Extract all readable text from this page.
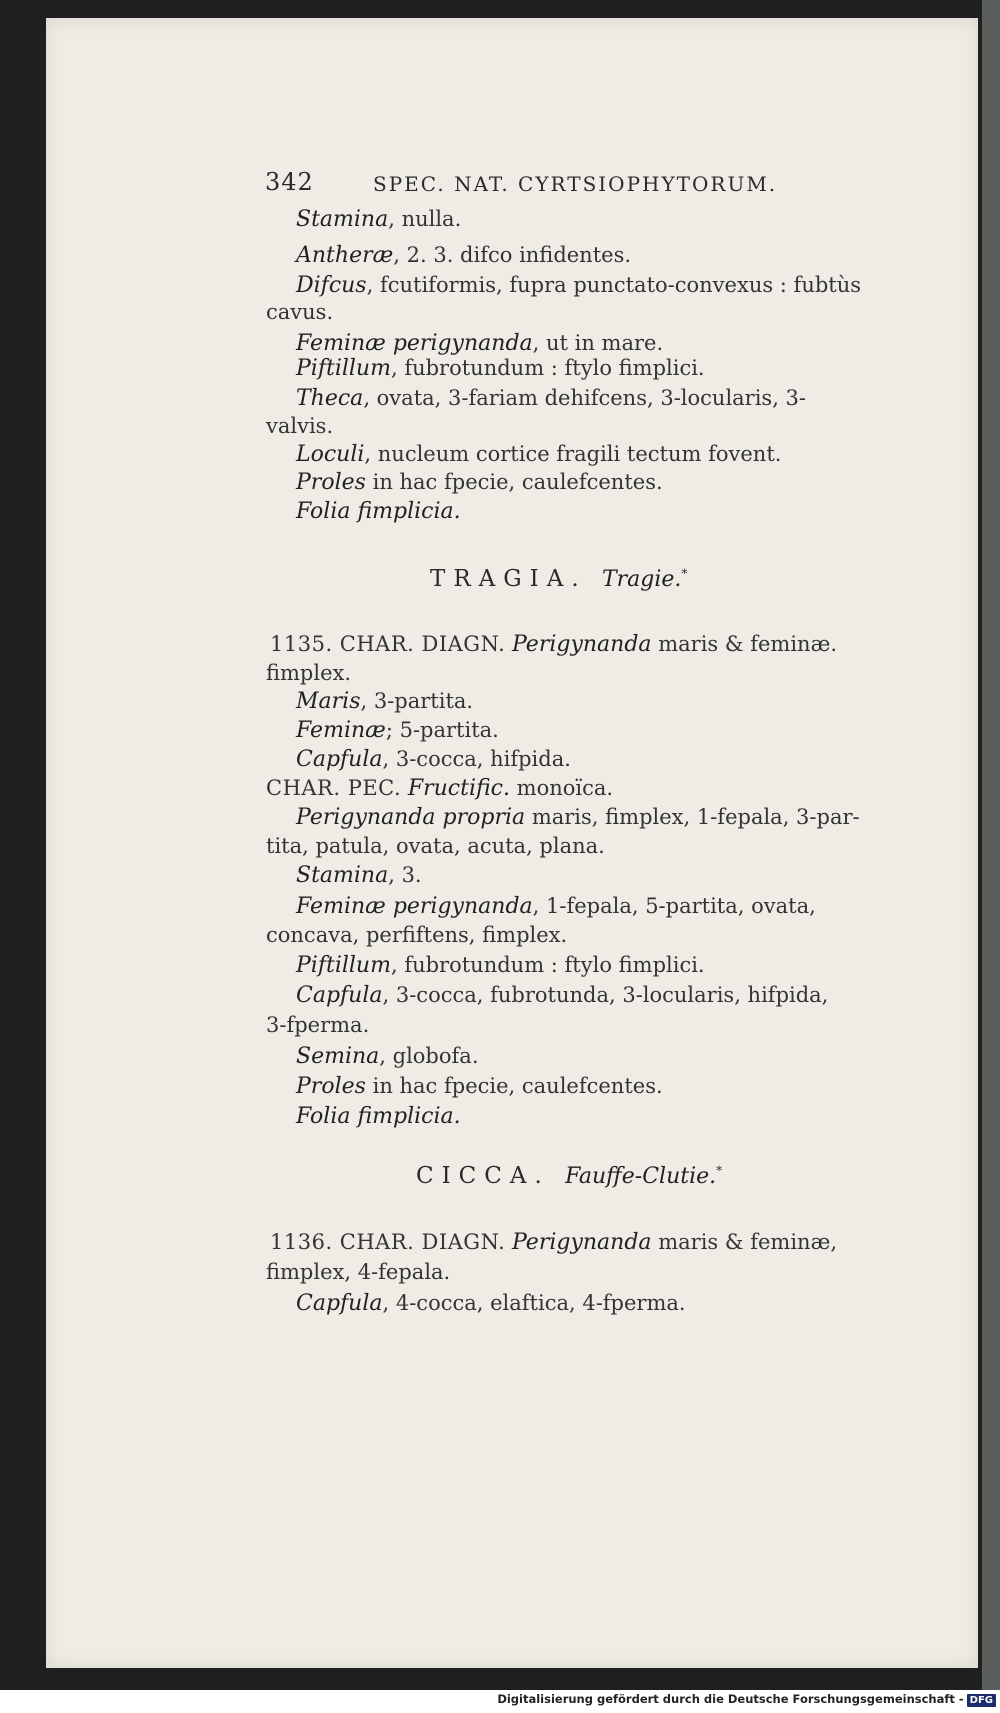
342	SPEC. NAT. CYRTSIOPHYTORUM.
Stamina, nulla.
Antheræ, 2. 3. difco infidentes.
Difcus, fcutiformis, fupra punctato-convexus : fubtùs
cavus.
Feminæ perigynanda, ut in mare.
Piftillum, fubrotundum : ftylo fimplici.
Theca, ovata, 3-fariam dehifcens, 3-locularis, 3-
valvis.
Loculi, nucleum cortice fragili tectum fovent.
Proles in hac fpecie, caulefcentes.
Folia fimplicia.
TRAGIA. Tragie.*
1135. CHAR. DIAGN. Perigynanda maris & feminæ.
fimplex.
Maris, 3-partita.
Feminæ; 5-partita.
Capfula, 3-cocca, hifpida.
CHAR. PEC. Fructific. monoïca.
Perigynanda propria maris, fimplex, 1-fepala, 3-par-
tita, patula, ovata, acuta, plana.
Stamina, 3.
Feminæ perigynanda, 1-fepala, 5-partita, ovata,
concava, perfiftens, fimplex.
Piftillum, fubrotundum : ftylo fimplici.
Capfula, 3-cocca, fubrotunda, 3-locularis, hifpida,
3-fperma.
Semina, globofa.
Proles in hac fpecie, caulefcentes.
Folia fimplicia.
CICCA. Fauffe-Clutie.*
1136. CHAR. DIAGN. Perigynanda maris & feminæ,
fimplex, 4-fepala.
Capfula, 4-cocca, elaftica, 4-fperma.
Digitalisierung gefördert durch die Deutsche Forschungsgemeinschaft - DFG
